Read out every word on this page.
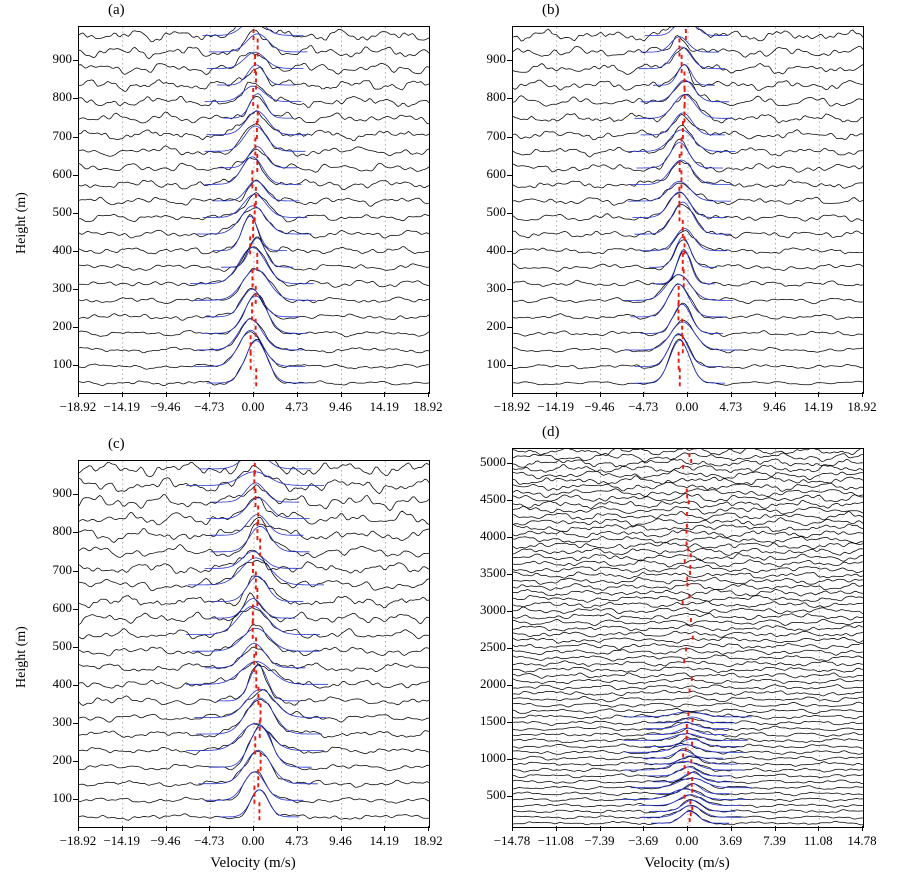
(a)
100
200
300
400
500
600
700
800
900
−18.92 −14.19 −9.46	−4.73	0.00	4.73	9.46	14.19	18.92
Height (m)
(b)
100
200
300
400
500
600
700
800
900
−18.92 −14.19 −9.46	−4.73	0.00	4.73	9.46	14.19	18.92
(c)
100
200
300
400
500
600
700
800
900
−18.92 −14.19 −9.46	−4.73	0.00	4.73	9.46	14.19	18.92
Height (m)
Velocity (m/s)
(d)
500
1000
1500
2000
2500
3000
3500
4000
4500
5000
−14.78 −11.08 −7.39	−3.69	0.00	3.69	7.39	11.08	14.78
Velocity (m/s)
